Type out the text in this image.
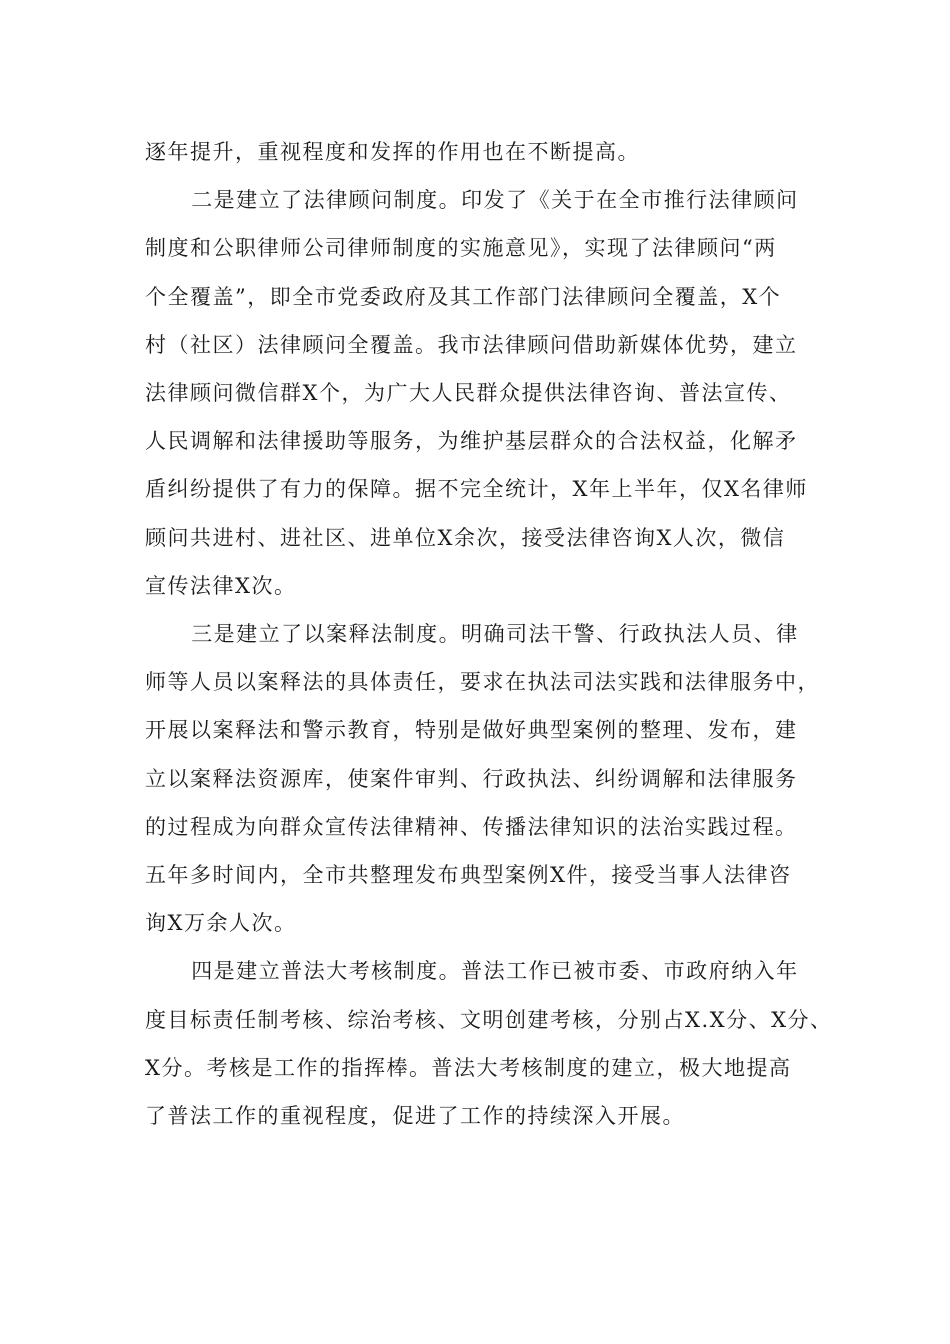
逐年提升，重视程度和发挥的作用也在不断提高。

二是建立了法律顾问制度。印发了《关于在全市推行法律顾问
制度和公职律师公司律师制度的实施意见》，实现了法律顾问“两
个全覆盖”，即全市党委政府及其工作部门法律顾问全覆盖，X个
村（社区）法律顾问全覆盖。我市法律顾问借助新媒体优势，建立
法律顾问微信群X个，为广大人民群众提供法律咨询、普法宣传、
人民调解和法律援助等服务，为维护基层群众的合法权益，化解矛
盾纠纷提供了有力的保障。据不完全统计，X年上半年，仅X名律师
顾问共进村、进社区、进单位X余次，接受法律咨询X人次，微信
宣传法律X次。

三是建立了以案释法制度。明确司法干警、行政执法人员、律
师等人员以案释法的具体责任，要求在执法司法实践和法律服务中，
开展以案释法和警示教育，特别是做好典型案例的整理、发布，建
立以案释法资源库，使案件审判、行政执法、纠纷调解和法律服务
的过程成为向群众宣传法律精神、传播法律知识的法治实践过程。
五年多时间内，全市共整理发布典型案例X件，接受当事人法律咨
询X万余人次。

四是建立普法大考核制度。普法工作已被市委、市政府纳入年
度目标责任制考核、综治考核、文明创建考核，分别占X.X分、X分、
X分。考核是工作的指挥棒。普法大考核制度的建立，极大地提高
了普法工作的重视程度，促进了工作的持续深入开展。
